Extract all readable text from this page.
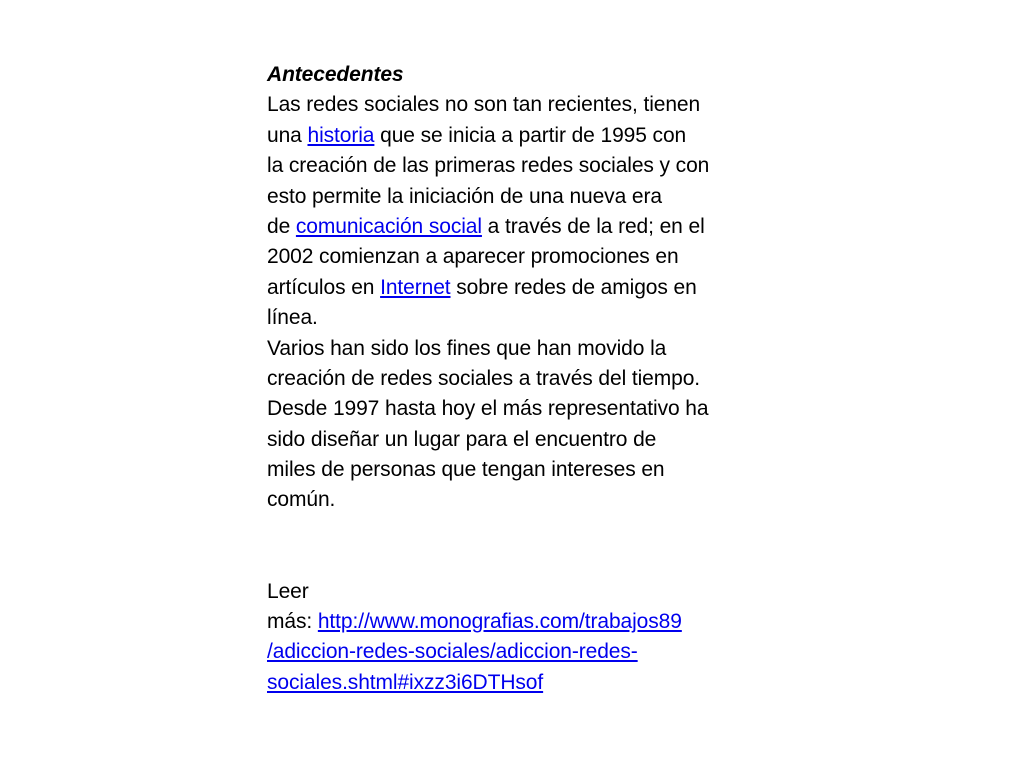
Antecedentes
Las redes sociales no son tan recientes, tienen
una historia que se inicia a partir de 1995 con
la creación de las primeras redes sociales y con
esto permite la iniciación de una nueva era
de comunicación social a través de la red; en el
2002 comienzan a aparecer promociones en
artículos en Internet sobre redes de amigos en
línea.
Varios han sido los fines que han movido la
creación de redes sociales a través del tiempo.
Desde 1997 hasta hoy el más representativo ha
sido diseñar un lugar para el encuentro de
miles de personas que tengan intereses en
común.
Leer
más: http://www.monografias.com/trabajos89
/adiccion-redes-sociales/adiccion-redes-
sociales.shtml#ixzz3i6DTHsof
